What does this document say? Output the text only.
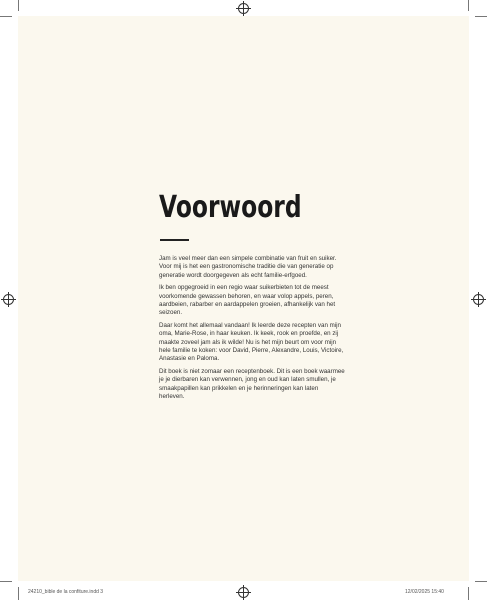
Voorwoord

Jam is veel meer dan een simpele combinatie van fruit en suiker. Voor mij is het een gastronomische traditie die van generatie op generatie wordt doorgegeven als echt familie-erfgoed.

Ik ben opgegroeid in een regio waar suikerbieten tot de meest voorkomende gewassen behoren, en waar volop appels, peren, aardbeien, rabarber en aardappelen groeien, afhankelijk van het seizoen.

Daar komt het allemaal vandaan! Ik leerde deze recepten van mijn oma, Marie-Rose, in haar keuken. Ik keek, rook en proefde, en zij maakte zoveel jam als ik wilde! Nu is het mijn beurt om voor mijn hele familie te koken: voor David, Pierre, Alexandre, Louis, Victoire, Anastasie en Paloma.

Dit boek is niet zomaar een receptenboek. Dit is een boek waarmee je je dierbaren kan verwennen, jong en oud kan laten smullen, je smaakpapillen kan prikkelen en je herinneringen kan laten herleven.

24210_bible de la confiture.indd 3	12/02/2025 15:40
